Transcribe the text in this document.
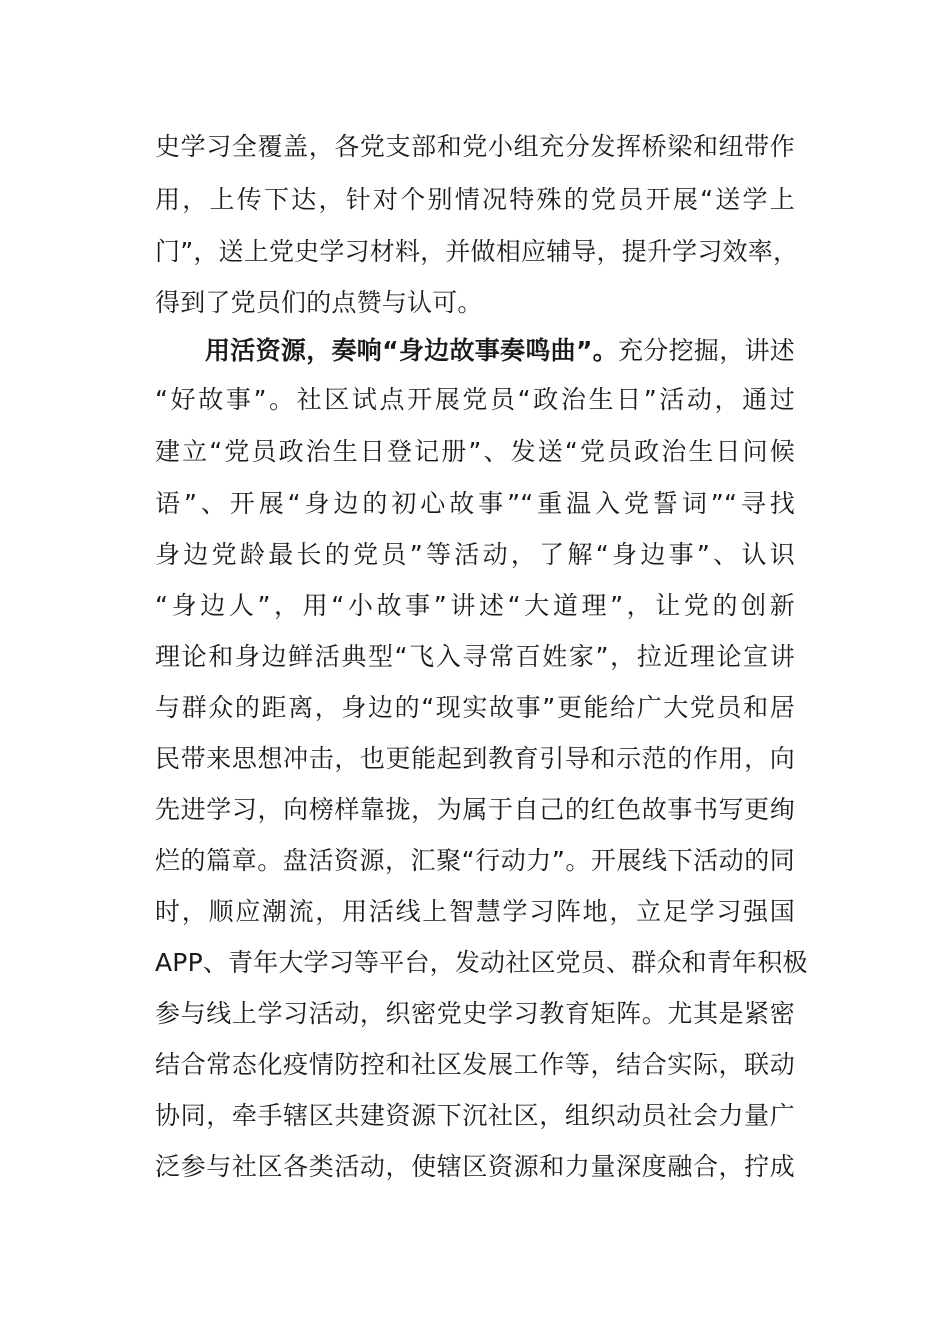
史学习全覆盖，各党支部和党小组充分发挥桥梁和纽带作
用，上传下达，针对个别情况特殊的党员开展“送学上
门”，送上党史学习材料，并做相应辅导，提升学习效率，
得到了党员们的点赞与认可。
用活资源，奏响“身边故事奏鸣曲”。充分挖掘，讲述
“好故事”。社区试点开展党员“政治生日”活动，通过
建立“党员政治生日登记册”、发送“党员政治生日问候
语”、开展“身边的初心故事”“重温入党誓词”“寻找
身边党龄最长的党员”等活动，了解“身边事”、认识
“身边人”，用“小故事”讲述“大道理”，让党的创新
理论和身边鲜活典型“飞入寻常百姓家”，拉近理论宣讲
与群众的距离，身边的“现实故事”更能给广大党员和居
民带来思想冲击，也更能起到教育引导和示范的作用，向
先进学习，向榜样靠拢，为属于自己的红色故事书写更绚
烂的篇章。盘活资源，汇聚“行动力”。开展线下活动的同
时，顺应潮流，用活线上智慧学习阵地，立足学习强国
APP、青年大学习等平台，发动社区党员、群众和青年积极
参与线上学习活动，织密党史学习教育矩阵。尤其是紧密
结合常态化疫情防控和社区发展工作等，结合实际，联动
协同，牵手辖区共建资源下沉社区，组织动员社会力量广
泛参与社区各类活动，使辖区资源和力量深度融合，拧成
